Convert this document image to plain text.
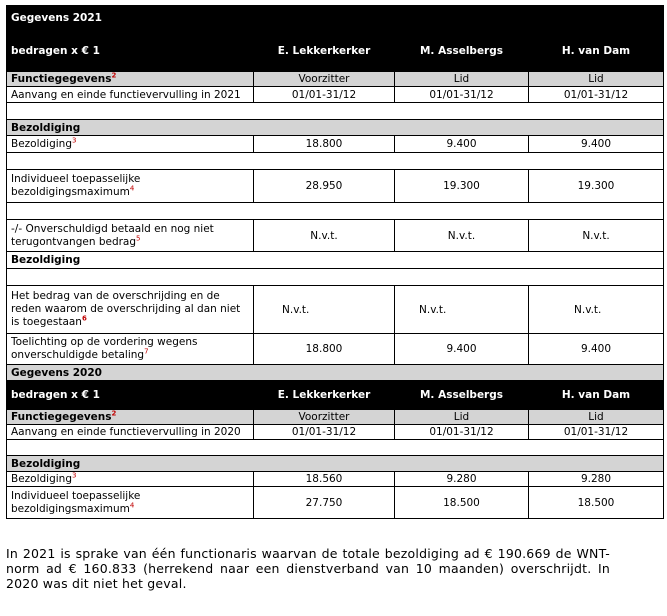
Gegevens 2021			
bedragen x € 1	E. Lekkerkerker	M. Asselbergs	H. van Dam
Functiegegevens$^2$	Voorzitter	Lid	Lid
Aanvang en einde functievervulling in 2021	01/01-31/12	01/01-31/12	01/01-31/12

Bezoldiging			
Bezoldiging$^3$	18.800	9.400	9.400

Individueel toepasselijke
bezoldigingsmaximum$^4$	28.950	19.300	19.300

-/- Onverschuldigd betaald en nog niet
terugontvangen bedrag$^5$	N.v.t.	N.v.t.	N.v.t.
Bezoldiging			

Het bedrag van de overschrijding en de
reden waarom de overschrijding al dan niet
is toegestaan$^6$	N.v.t.	N.v.t.	N.v.t.
Toelichting op de vordering wegens
onverschuldigde betaling$^7$	18.800	9.400	9.400
Gegevens 2020			
bedragen x € 1	E. Lekkerkerker	M. Asselbergs	H. van Dam
Functiegegevens$^2$	Voorzitter	Lid	Lid
Aanvang en einde functievervulling in 2020	01/01-31/12	01/01-31/12	01/01-31/12

Bezoldiging			
Bezoldiging$^3$	18.560	9.280	9.280
Individueel toepasselijke
bezoldigingsmaximum$^4$	27.750	18.500	18.500
In 2021 is sprake van één functionaris waarvan de totale bezoldiging ad € 190.669 de WNT-norm ad € 160.833 (herrekend naar een dienstverband van 10 maanden) overschrijdt. In 2020 was dit niet het geval.
